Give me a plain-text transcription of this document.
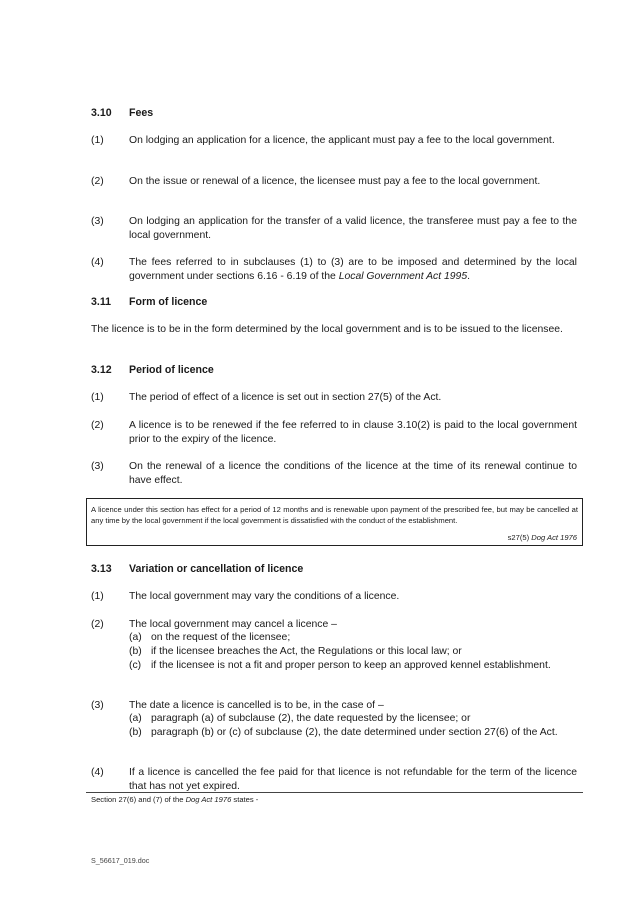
3.10 Fees
(1) On lodging an application for a licence, the applicant must pay a fee to the local government.
(2) On the issue or renewal of a licence, the licensee must pay a fee to the local government.
(3) On lodging an application for the transfer of a valid licence, the transferee must pay a fee to the local government.
(4) The fees referred to in subclauses (1) to (3) are to be imposed and determined by the local government under sections 6.16 - 6.19 of the Local Government Act 1995.
3.11 Form of licence
The licence is to be in the form determined by the local government and is to be issued to the licensee.
3.12 Period of licence
(1) The period of effect of a licence is set out in section 27(5) of the Act.
(2) A licence is to be renewed if the fee referred to in clause 3.10(2) is paid to the local government prior to the expiry of the licence.
(3) On the renewal of a licence the conditions of the licence at the time of its renewal continue to have effect.
A licence under this section has effect for a period of 12 months and is renewable upon payment of the prescribed fee, but may be cancelled at any time by the local government if the local government is dissatisfied with the conduct of the establishment.
s27(5) Dog Act 1976
3.13 Variation or cancellation of licence
(1) The local government may vary the conditions of a licence.
(2) The local government may cancel a licence –
(a) on the request of the licensee;
(b) if the licensee breaches the Act, the Regulations or this local law; or
(c) if the licensee is not a fit and proper person to keep an approved kennel establishment.
(3) The date a licence is cancelled is to be, in the case of –
(a) paragraph (a) of subclause (2), the date requested by the licensee; or
(b) paragraph (b) or (c) of subclause (2), the date determined under section 27(6) of the Act.
(4) If a licence is cancelled the fee paid for that licence is not refundable for the term of the licence that has not yet expired.
Section 27(6) and (7) of the Dog Act 1976 states -
S_56617_019.doc
